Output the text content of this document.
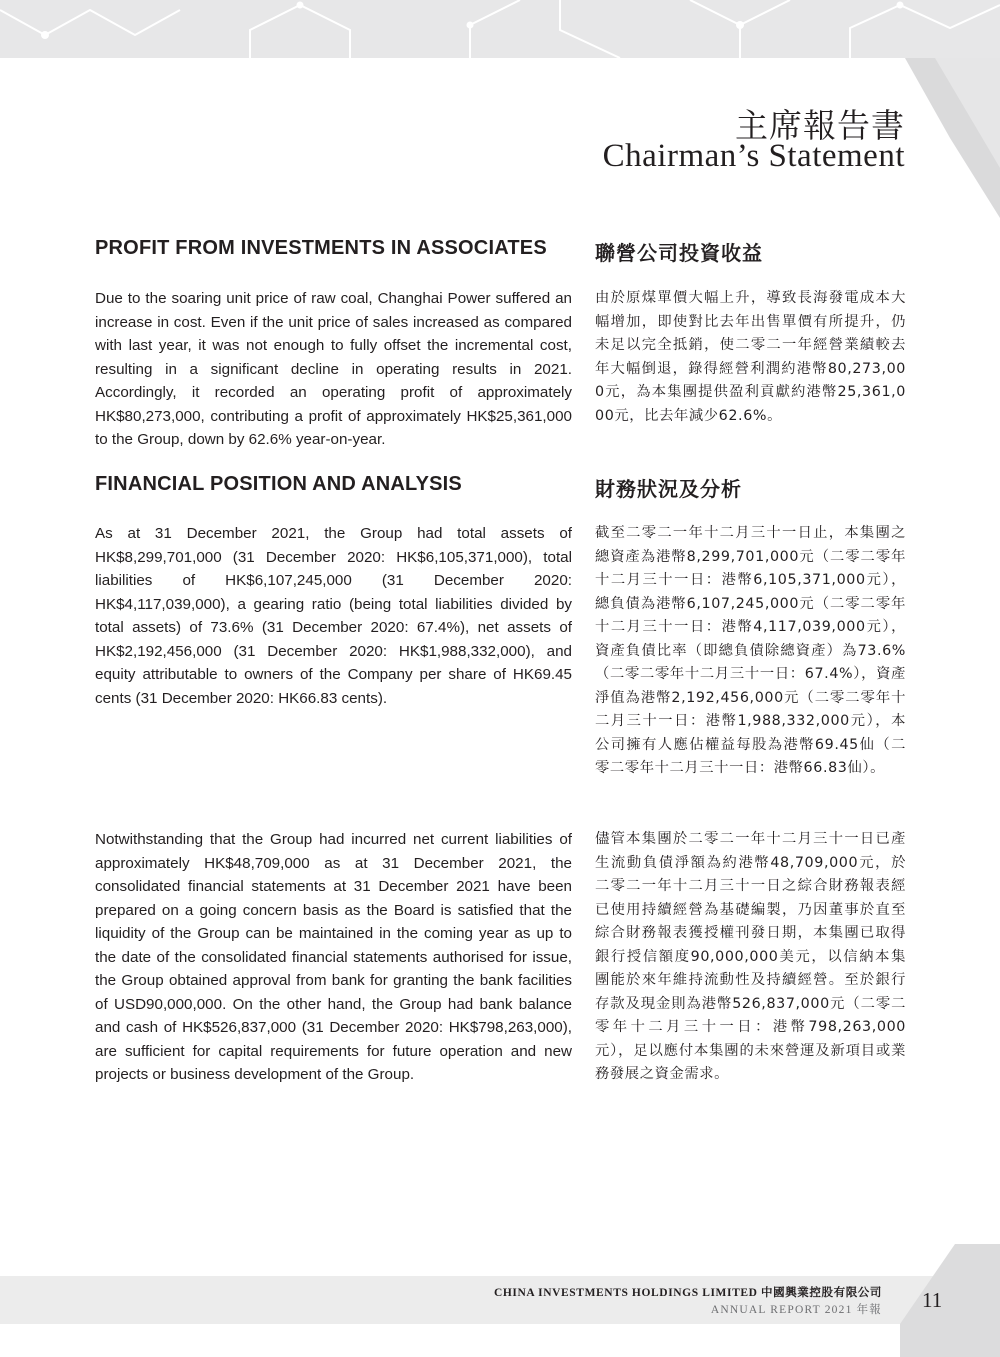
主席報告書
Chairman’s Statement
PROFIT FROM INVESTMENTS IN ASSOCIATES	聯營公司投資收益

Due to the soaring unit price of raw coal, Changhai Power suffered an increase in cost. Even if the unit price of sales increased as compared with last year, it was not enough to fully offset the incremental cost, resulting in a significant decline in operating results in 2021. Accordingly, it recorded an operating profit of approximately HK$80,273,000, contributing a profit of approximately HK$25,361,000 to the Group, down by 62.6% year-on-year.

由於原煤單價大幅上升，導致長海發電成本大幅增加，即使對比去年出售單價有所提升，仍未足以完全抵銷，使二零二一年經營業績較去年大幅倒退，錄得經營利潤約港幣80,273,000元，為本集團提供盈利貢獻約港幣25,361,000元，比去年減少62.6%。

FINANCIAL POSITION AND ANALYSIS	財務狀況及分析

As at 31 December 2021, the Group had total assets of HK$8,299,701,000 (31 December 2020: HK$6,105,371,000), total liabilities of HK$6,107,245,000 (31 December 2020: HK$4,117,039,000), a gearing ratio (being total liabilities divided by total assets) of 73.6% (31 December 2020: 67.4%), net assets of HK$2,192,456,000 (31 December 2020: HK$1,988,332,000), and equity attributable to owners of the Company per share of HK69.45 cents (31 December 2020: HK66.83 cents).

截至二零二一年十二月三十一日止，本集團之總資產為港幣8,299,701,000元（二零二零年十二月三十一日：港幣6,105,371,000元），總負債為港幣6,107,245,000元（二零二零年十二月三十一日：港幣4,117,039,000元），資產負債比率（即總負債除總資產）為73.6%（二零二零年十二月三十一日：67.4%），資產淨值為港幣2,192,456,000元（二零二零年十二月三十一日：港幣1,988,332,000元），本公司擁有人應佔權益每股為港幣69.45仙（二零二零年十二月三十一日：港幣66.83仙）。

Notwithstanding that the Group had incurred net current liabilities of approximately HK$48,709,000 as at 31 December 2021, the consolidated financial statements at 31 December 2021 have been prepared on a going concern basis as the Board is satisfied that the liquidity of the Group can be maintained in the coming year as up to the date of the consolidated financial statements authorised for issue, the Group obtained approval from bank for granting the bank facilities of USD90,000,000. On the other hand, the Group had bank balance and cash of HK$526,837,000 (31 December 2020: HK$798,263,000), are sufficient for capital requirements for future operation and new projects or business development of the Group.

儘管本集團於二零二一年十二月三十一日已產生流動負債淨額為約港幣48,709,000元，於二零二一年十二月三十一日之綜合財務報表經已使用持續經營為基礎編製，乃因董事於直至綜合財務報表獲授權刊發日期，本集團已取得銀行授信額度90,000,000美元，以信納本集團能於來年維持流動性及持續經營。至於銀行存款及現金則為港幣526,837,000元（二零二零年十二月三十一日：港幣798,263,000元），足以應付本集團的未來營運及新項目或業務發展之資金需求。

CHINA INVESTMENTS HOLDINGS LIMITED 中國興業控股有限公司
ANNUAL REPORT 2021 年報 11
